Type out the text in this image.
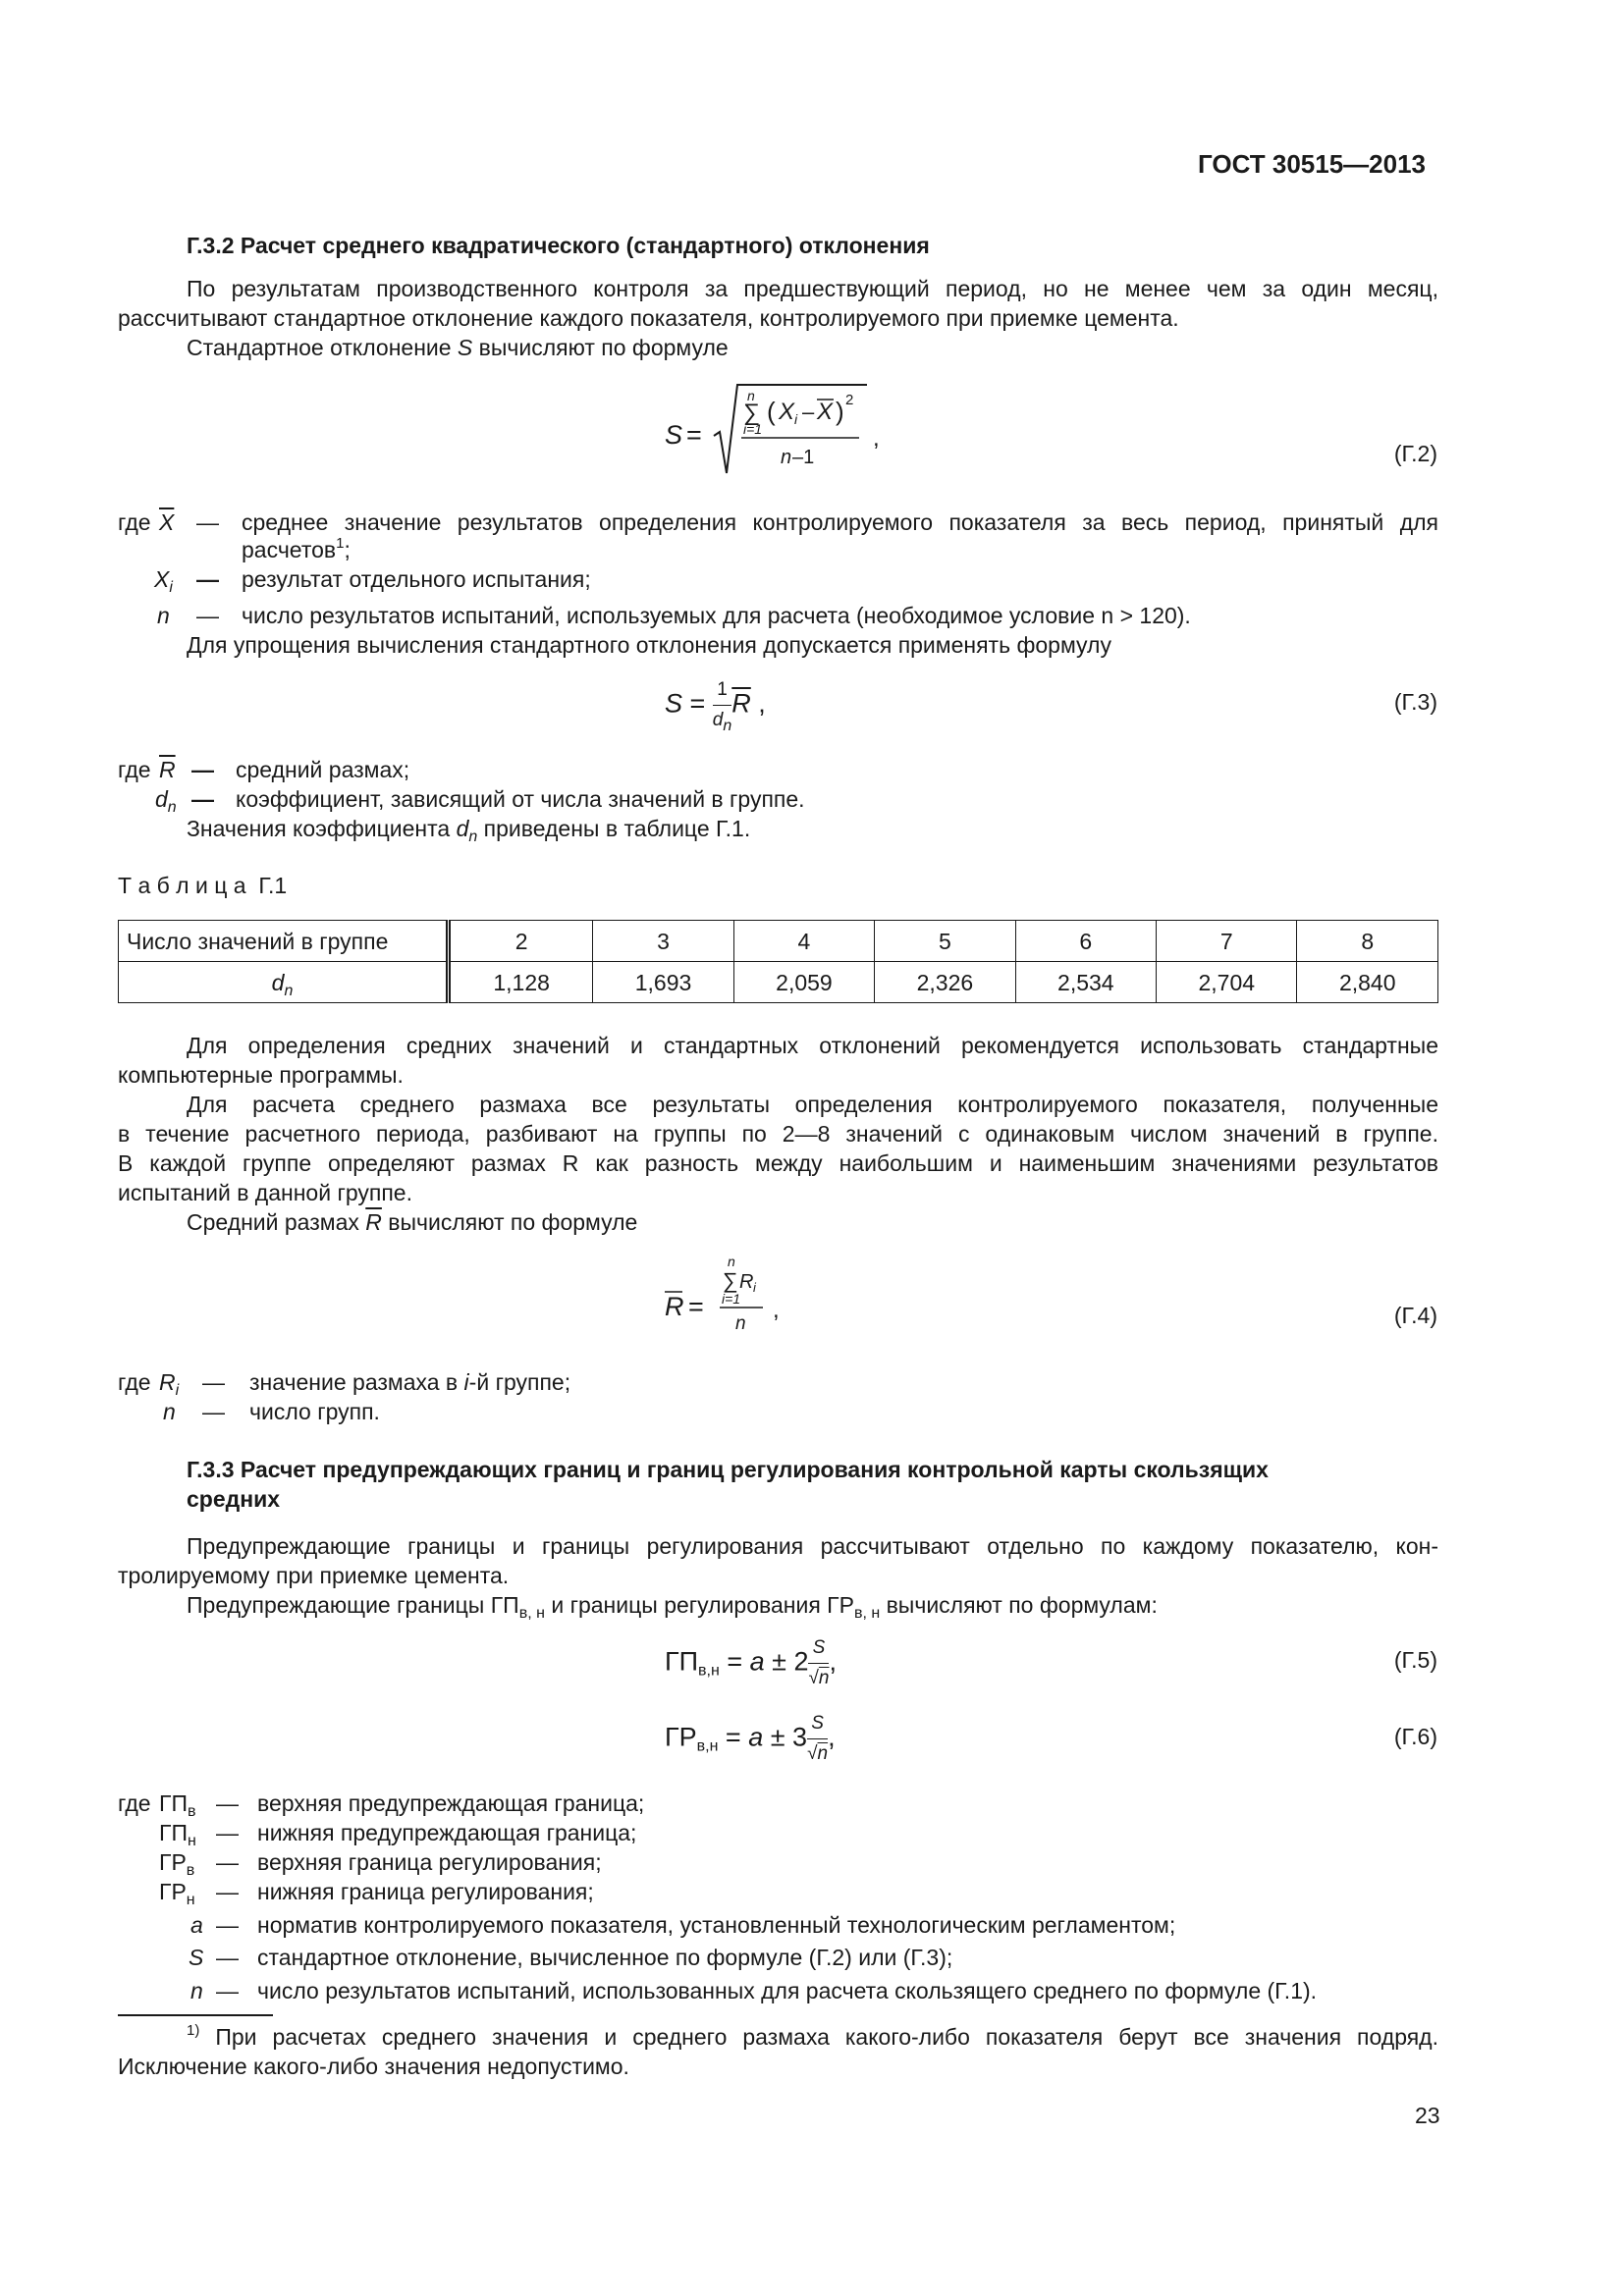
ГОСТ 30515—2013
Г.3.2 Расчет среднего квадратического (стандартного) отклонения
По результатам производственного контроля за предшествующий период, но не менее чем за один месяц,
рассчитывают стандартное отклонение каждого показателя, контролируемого при приемке цемента.
Стандартное отклонение S вычисляют по формуле
S =
n
∑
i=1
( X i – X ) 2
n –1
,
(Г.2)
где $\overline{X}$ — среднее значение результатов определения контролируемого показателя за весь период, принятый для
расчетов$^1$;
$X_i$ — результат отдельного испытания;
n — число результатов испытаний, используемых для расчета (необходимое условие n > 120).
Для упрощения вычисления стандартного отклонения допускается применять формулу
$S = \frac{1}{d_n} \overline{R}$ ,	(Г.3)
где $\overline{R}$ — средний размах;
$d_n$ — коэффициент, зависящий от числа значений в группе.
Значения коэффициента $d_n$ приведены в таблице Г.1.
Т а б л и ц а  Г.1
Число значений в группе	2	3	4	5	6	7	8
$d_n$	1,128	1,693	2,059	2,326	2,534	2,704	2,840
Для определения средних значений и стандартных отклонений рекомендуется использовать стандартные
компьютерные программы.
Для расчета среднего размаха все результаты определения контролируемого показателя, полученные
в течение расчетного периода, разбивают на группы по 2—8 значений с одинаковым числом значений в группе.
В каждой группе определяют размах R как разность между наибольшим и наименьшим значениями результатов
испытаний в данной группе.
Средний размах $\overline{R}$ вычисляют по формуле
R =
n
∑ R i
i=1
n
,	(Г.4)
где $R_i$ — значение размаха в i-й группе;
n — число групп.
Г.3.3 Расчет предупреждающих границ и границ регулирования контрольной карты скользящих
средних
Предупреждающие границы и границы регулирования рассчитывают отдельно по каждому показателю, кон-
тролируемому при приемке цемента.
Предупреждающие границы $ГП_{в, н}$ и границы регулирования $ГР_{в, н}$ вычисляют по формулам:
$ГП_{в,н} = a \pm 2 \frac{S}{√n}$ ,	(Г.5)
$ГР_{в,н} = a \pm 3 \frac{S}{√n}$ ,	(Г.6)
где $ГП_в$ — верхняя предупреждающая граница;
$ГП_н$ — нижняя предупреждающая граница;
$ГР_в$ — верхняя граница регулирования;
$ГР_н$ — нижняя граница регулирования;
a — норматив контролируемого показателя, установленный технологическим регламентом;
S — стандартное отклонение, вычисленное по формуле (Г.2) или (Г.3);
n — число результатов испытаний, использованных для расчета скользящего среднего по формуле (Г.1).
$^{1)}$ При расчетах среднего значения и среднего размаха какого-либо показателя берут все значения подряд.
Исключение какого-либо значения недопустимо.
23
